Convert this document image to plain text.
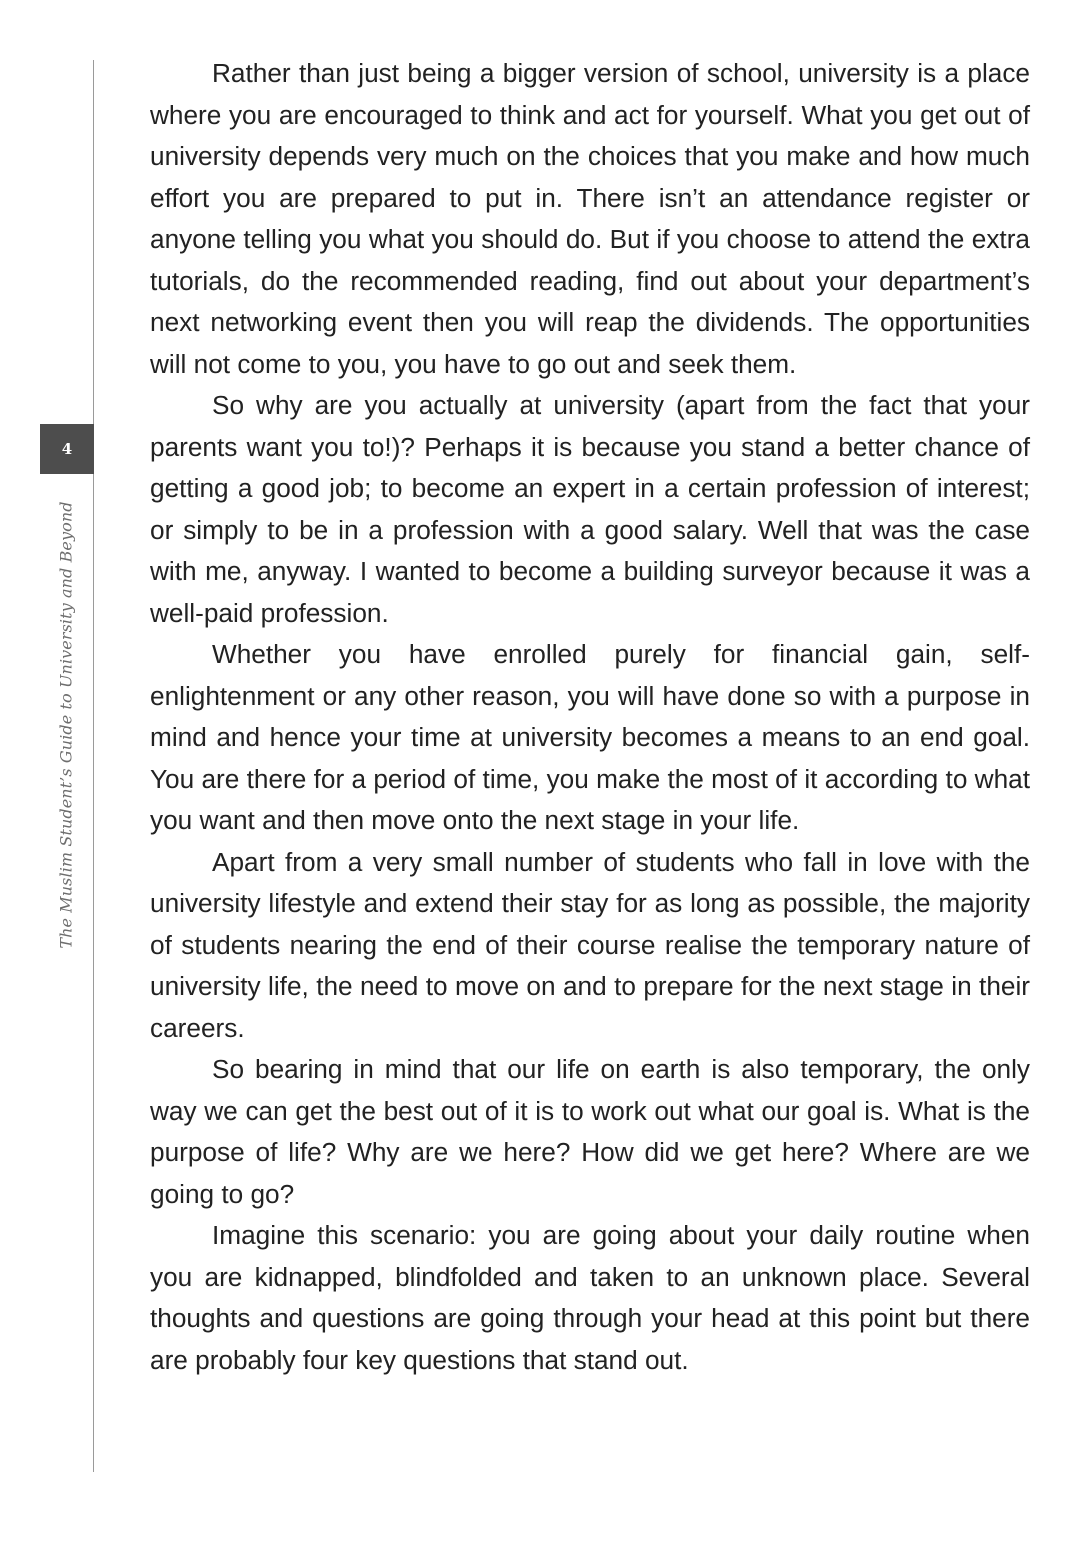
4
The Muslim Student’s Guide to University and Beyond

Rather than just being a bigger version of school, university is a place where you are encouraged to think and act for yourself. What you get out of university depends very much on the choices that you make and how much effort you are prepared to put in. There isn’t an attendance register or anyone telling you what you should do. But if you choose to attend the extra tutorials, do the recommended reading, find out about your department’s next networking event then you will reap the dividends. The opportunities will not come to you, you have to go out and seek them.

So why are you actually at university (apart from the fact that your parents want you to!)? Perhaps it is because you stand a better chance of getting a good job; to become an expert in a certain profession of interest; or simply to be in a profession with a good salary. Well that was the case with me, anyway. I wanted to become a building surveyor because it was a well-paid profession.

Whether you have enrolled purely for financial gain, self-enlightenment or any other reason, you will have done so with a purpose in mind and hence your time at university becomes a means to an end goal. You are there for a period of time, you make the most of it according to what you want and then move onto the next stage in your life.

Apart from a very small number of students who fall in love with the university lifestyle and extend their stay for as long as possible, the majority of students nearing the end of their course realise the temporary nature of university life, the need to move on and to prepare for the next stage in their careers.

So bearing in mind that our life on earth is also temporary, the only way we can get the best out of it is to work out what our goal is. What is the purpose of life? Why are we here? How did we get here? Where are we going to go?

Imagine this scenario: you are going about your daily routine when you are kidnapped, blindfolded and taken to an unknown place. Several thoughts and questions are going through your head at this point but there are probably four key questions that stand out.
